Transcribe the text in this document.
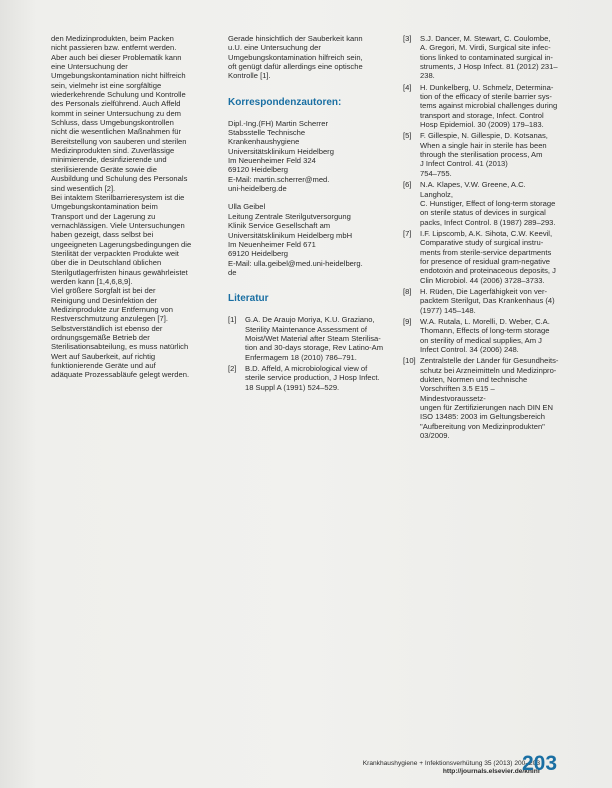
den Medizinprodukten, beim Packen
nicht passieren bzw. entfernt werden.
Aber auch bei dieser Problematik kann
eine Untersuchung der
Umgebungskontamination nicht hilfreich
sein, vielmehr ist eine sorgfältige
wiederkehrende Schulung und Kontrolle
des Personals zielführend. Auch Affeld
kommt in seiner Untersuchung zu dem
Schluss, dass Umgebungskontrollen
nicht die wesentlichen Maßnahmen für
Bereitstellung von sauberen und sterilen
Medizinprodukten sind. Zuverlässige
minimierende, desinfizierende und
sterilisierende Geräte sowie die
Ausbildung und Schulung des Personals
sind wesentlich [2].
Bei intaktem Sterilbarrieresystem ist die
Umgebungskontamination beim
Transport und der Lagerung zu
vernachlässigen. Viele Untersuchungen
haben gezeigt, dass selbst bei
ungeeigneten Lagerungsbedingungen die
Sterilität der verpackten Produkte weit
über die in Deutschland üblichen
Sterilgutlagerfristen hinaus gewährleistet
werden kann [1,4,6,8,9].
Viel größere Sorgfalt ist bei der
Reinigung und Desinfektion der
Medizinprodukte zur Entfernung von
Restverschmutzung anzulegen [7].
Selbstverständlich ist ebenso der
ordnungsgemäße Betrieb der
Sterilisationsabteilung, es muss natürlich
Wert auf Sauberkeit, auf richtig
funktionierende Geräte und auf
adäquate Prozessabläufe gelegt werden.
Gerade hinsichtlich der Sauberkeit kann
u.U. eine Untersuchung der
Umgebungskontamination hilfreich sein,
oft genügt dafür allerdings eine optische
Kontrolle [1].
Korrespondenzautoren:
Dipl.-Ing.(FH) Martin Scherrer
Stabsstelle Technische
Krankenhaushygiene
Universitätsklinikum Heidelberg
Im Neuenheimer Feld 324
69120 Heidelberg
E-Mail: martin.scherrer@med.
uni-heidelberg.de
Ulla Geibel
Leitung Zentrale Sterilgutversorgung
Klinik Service Gesellschaft am
Universitätsklinikum Heidelberg mbH
Im Neuenheimer Feld 671
69120 Heidelberg
E-Mail: ulla.geibel@med.uni-heidelberg.
de
Literatur
[1]	G.A. De Araujo Moriya, K.U. Graziano,
Sterility Maintenance Assessment of
Moist/Wet Material after Steam Sterilisa-
tion and 30-days storage, Rev Latino-Am
Enfermagem 18 (2010) 786–791.
[2]	B.D. Affeld, A microbiological view of
sterile service production, J Hosp Infect.
18 Suppl A (1991) 524–529.
[3]	S.J. Dancer, M. Stewart, C. Coulombe,
A. Gregori, M. Virdi, Surgical site infec-
tions linked to contaminated surgical in-
struments, J Hosp Infect. 81 (2012) 231–
238.
[4]	H. Dunkelberg, U. Schmelz, Determina-
tion of the efficacy of sterile barrier sys-
tems against microbial challenges during
transport and storage, Infect. Control
Hosp Epidemiol. 30 (2009) 179–183.
[5]	F. Gillespie, N. Gillespie, D. Kotsanas,
When a single hair in sterile has been
through the sterilisation process, Am
J Infect Control. 41 (2013)
754–755.
[6]	N.A. Klapes, V.W. Greene, A.C. Langholz,
C. Hunstiger, Effect of long-term storage
on sterile status of devices in surgical
packs, Infect Control. 8 (1987) 289–293.
[7]	I.F. Lipscomb, A.K. Sihota, C.W. Keevil,
Comparative study of surgical instru-
ments from sterile-service departments
for presence of residual gram-negative
endotoxin and proteinaceous deposits, J
Clin Microbiol. 44 (2006) 3728–3733.
[8]	H. Rüden, Die Lagerfähigkeit von ver-
packtem Sterilgut, Das Krankenhaus (4)
(1977) 145–148.
[9]	W.A. Rutala, L. Morelli, D. Weber, C.A.
Thomann, Effects of long-term storage
on sterility of medical supplies, Am J
Infect Control. 34 (2006) 248.
[10] Zentralstelle der Länder für Gesundheits-
schutz bei Arzneimitteln und Medizinpro-
dukten, Normen und technische
Vorschriften 3.5 E15 – Mindestvoraussetz-
ungen für Zertifizierungen nach DIN EN
ISO 13485: 2003 im Geltungsbereich
"Aufbereitung von Medizinprodukten"
03/2009.
Krankhaushygiene + Infektionsverhütung 35 (2013) 200–203
http://journals.elsevier.de/khinf
203
